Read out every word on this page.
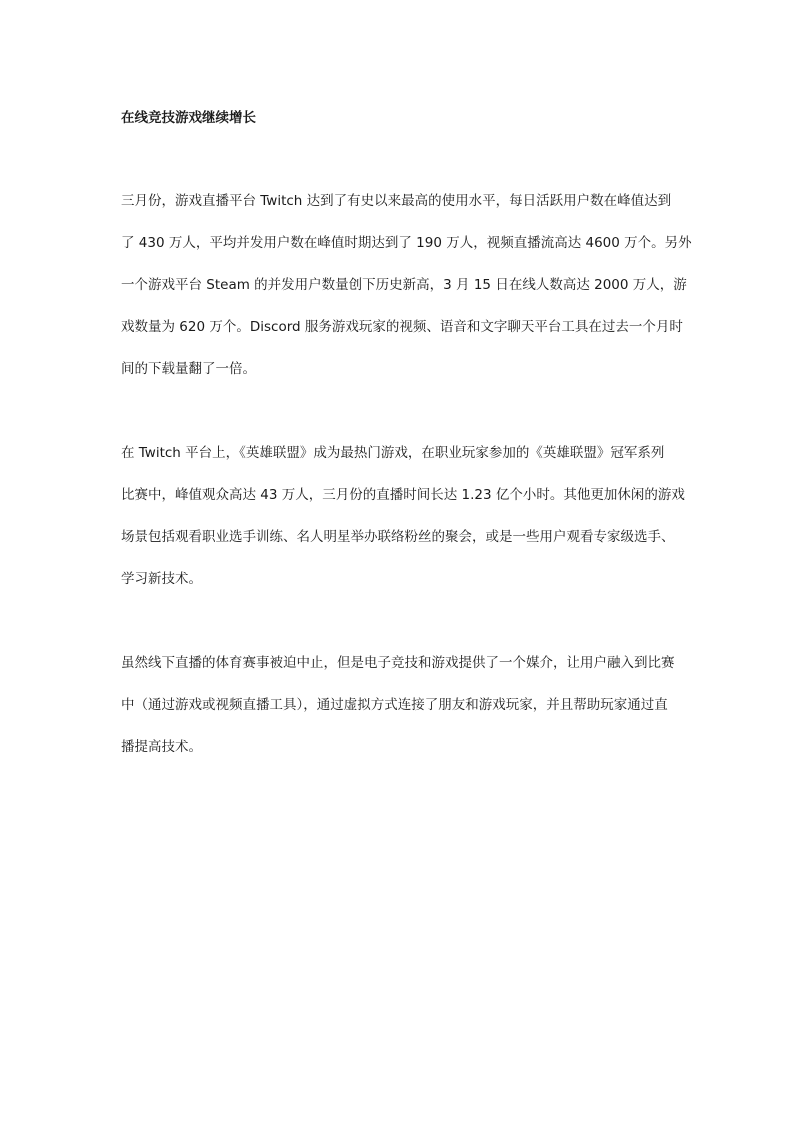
在线竞技游戏继续增长
三月份，游戏直播平台 Twitch 达到了有史以来最高的使用水平，每日活跃用户数在峰值达到
了 430 万人，平均并发用户数在峰值时期达到了 190 万人，视频直播流高达 4600 万个。另外
一个游戏平台 Steam 的并发用户数量创下历史新高，3 月 15 日在线人数高达 2000 万人，游
戏数量为 620 万个。Discord 服务游戏玩家的视频、语音和文字聊天平台工具在过去一个月时
间的下载量翻了一倍。
在 Twitch 平台上，《英雄联盟》成为最热门游戏，在职业玩家参加的《英雄联盟》冠军系列
比赛中，峰值观众高达 43 万人，三月份的直播时间长达 1.23 亿个小时。其他更加休闲的游戏
场景包括观看职业选手训练、名人明星举办联络粉丝的聚会，或是一些用户观看专家级选手、
学习新技术。
虽然线下直播的体育赛事被迫中止，但是电子竞技和游戏提供了一个媒介，让用户融入到比赛
中（通过游戏或视频直播工具），通过虚拟方式连接了朋友和游戏玩家，并且帮助玩家通过直
播提高技术。
